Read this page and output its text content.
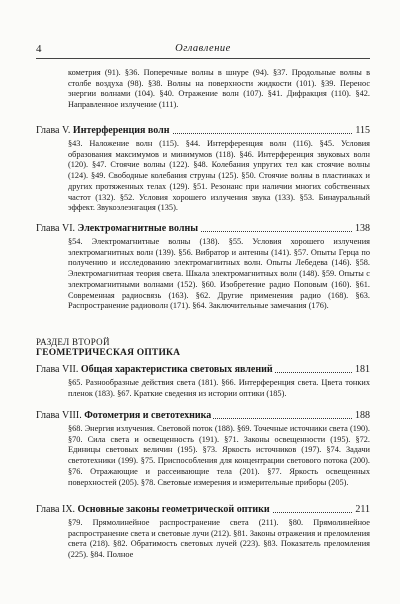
4	Оглавление
кометрия (91). §36. Поперечные волны в шнуре (94). §37. Продольные волны в столбе воздуха (98). §38. Волны на поверхности жидкости (101). §39. Перенос энергии волнами (104). §40. Отражение волн (107). §41. Дифракция (110). §42. Направленное излучение (111).
Глава V. Интерференция волн	115
§43. Наложение волн (115). §44. Интерференция волн (116). §45. Условия образования максимумов и минимумов (118). §46. Интерференция звуковых волн (120). §47. Стоячие волны (122). §48. Колебания упругих тел как стоячие волны (124). §49. Свободные колебания струны (125). §50. Стоячие волны в пластинках и других протяженных телах (129). §51. Резонанс при наличии многих собственных частот (132). §52. Условия хорошего излучения звука (133). §53. Бинауральный эффект. Звукоэлеэнгация (135).
Глава VI. Электромагнитные волны	138
§54. Электромагнитные волны (138). §55. Условия хорошего излучения электромагнитных волн (139). §56. Вибратор и антенны (141). §57. Опыты Герца по получению и исследованию электромагнитных волн. Опыты Лебедева (146). §58. Электромагнитная теория света. Шкала электромагнитных волн (148). §59. Опыты с электромагнитными волнами (152). §60. Изобретение радио Поповым (160). §61. Современная радиосвязь (163). §62. Другие применения радио (168). §63. Распространение радиоволн (171). §64. Заключительные замечания (176).
РАЗДЕЛ ВТОРОЙ
ГЕОМЕТРИЧЕСКАЯ ОПТИКА
Глава VII. Общая характеристика световых явлений	181
§65. Разнообразные действия света (181). §66. Интерференция света. Цвета тонких пленок (183). §67. Краткие сведения из истории оптики (185).
Глава VIII. Фотометрия и светотехника	188
§68. Энергия излучения. Световой поток (188). §69. Точечные источники света (190). §70. Сила света и освещенность (191). §71. Законы освещенности (195). §72. Единицы световых величин (195). §73. Яркость источников (197). §74. Задачи светотехники (199). §75. Приспособления для концентрации светового потока (200). §76. Отражающие и рассеивающие тела (201). §77. Яркость освещенных поверхностей (205). §78. Световые измерения и измерительные приборы (205).
Глава IX. Основные законы геометрической оптики	211
§79. Прямолинейное распространение света (211). §80. Прямолинейное распространение света и световые лучи (212). §81. Законы отражения и преломления света (218). §82. Обратимость световых лучей (223). §83. Показатель преломления (225). §84. Полное
